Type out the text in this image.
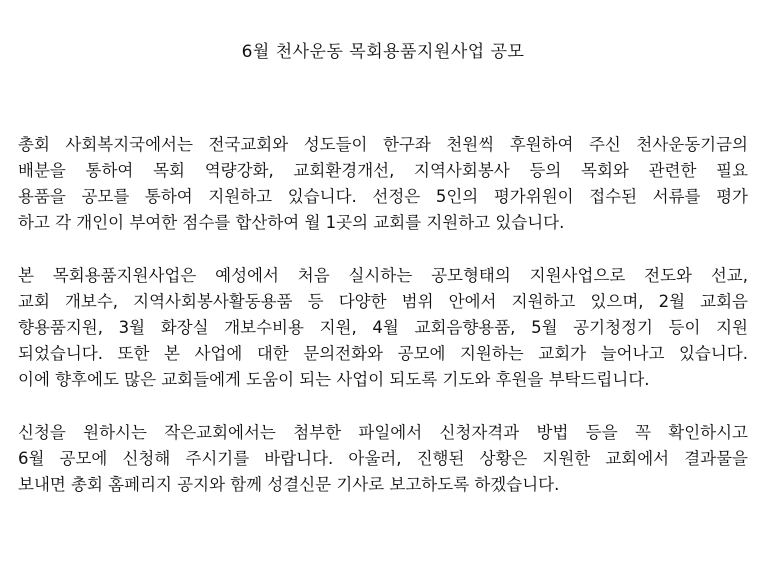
6월 천사운동 목회용품지원사업 공모

총회 사회복지국에서는 전국교회와 성도들이 한구좌 천원씩 후원하여 주신 천사운동기금의
배분을 통하여 목회 역량강화, 교회환경개선, 지역사회봉사 등의 목회와 관련한 필요
용품을 공모를 통하여 지원하고 있습니다. 선정은 5인의 평가위원이 접수된 서류를 평가
하고 각 개인이 부여한 점수를 합산하여 월 1곳의 교회를 지원하고 있습니다.

본 목회용품지원사업은 예성에서 처음 실시하는 공모형태의 지원사업으로 전도와 선교,
교회 개보수, 지역사회봉사활동용품 등 다양한 범위 안에서 지원하고 있으며, 2월 교회음
향용품지원, 3월 화장실 개보수비용 지원, 4월 교회음향용품, 5월 공기청정기 등이 지원
되었습니다. 또한 본 사업에 대한 문의전화와 공모에 지원하는 교회가 늘어나고 있습니다.
이에 향후에도 많은 교회들에게 도움이 되는 사업이 되도록 기도와 후원을 부탁드립니다.

신청을 원하시는 작은교회에서는 첨부한 파일에서 신청자격과 방법 등을 꼭 확인하시고
6월 공모에 신청해 주시기를 바랍니다. 아울러, 진행된 상황은 지원한 교회에서 결과물을
보내면 총회 홈페리지 공지와 함께 성결신문 기사로 보고하도록 하겠습니다.
